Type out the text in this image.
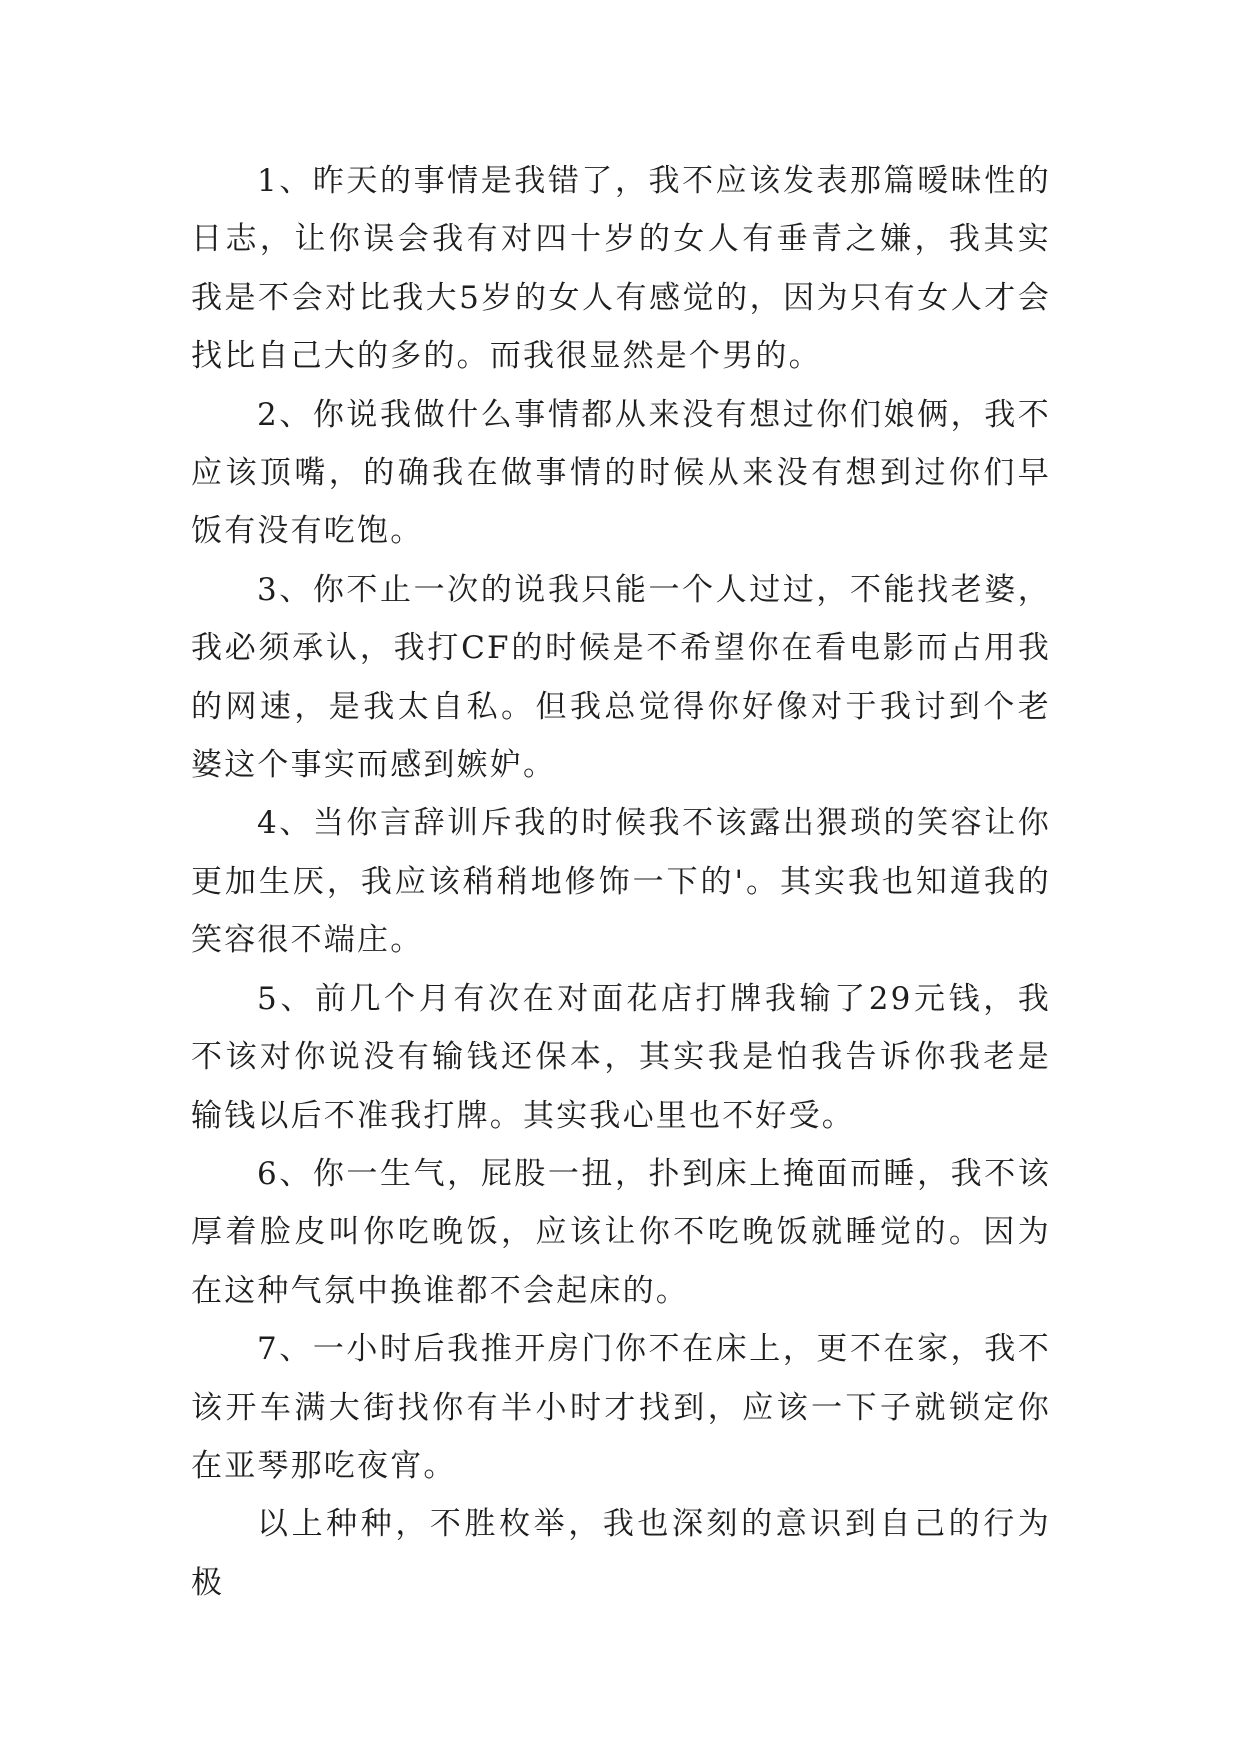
1、昨天的事情是我错了，我不应该发表那篇暧昧性的日志，让你误会我有对四十岁的女人有垂青之嫌，我其实我是不会对比我大5岁的女人有感觉的，因为只有女人才会找比自己大的多的。而我很显然是个男的。

2、你说我做什么事情都从来没有想过你们娘俩，我不应该顶嘴，的确我在做事情的时候从来没有想到过你们早饭有没有吃饱。

3、你不止一次的说我只能一个人过过，不能找老婆，我必须承认，我打CF的时候是不希望你在看电影而占用我的网速，是我太自私。但我总觉得你好像对于我讨到个老婆这个事实而感到嫉妒。

4、当你言辞训斥我的时候我不该露出猥琐的笑容让你更加生厌，我应该稍稍地修饰一下的'。其实我也知道我的笑容很不端庄。

5、前几个月有次在对面花店打牌我输了29元钱，我不该对你说没有输钱还保本，其实我是怕我告诉你我老是输钱以后不准我打牌。其实我心里也不好受。

6、你一生气，屁股一扭，扑到床上掩面而睡，我不该厚着脸皮叫你吃晚饭，应该让你不吃晚饭就睡觉的。因为在这种气氛中换谁都不会起床的。

7、一小时后我推开房门你不在床上，更不在家，我不该开车满大街找你有半小时才找到，应该一下子就锁定你在亚琴那吃夜宵。

以上种种，不胜枚举，我也深刻的意识到自己的行为极
